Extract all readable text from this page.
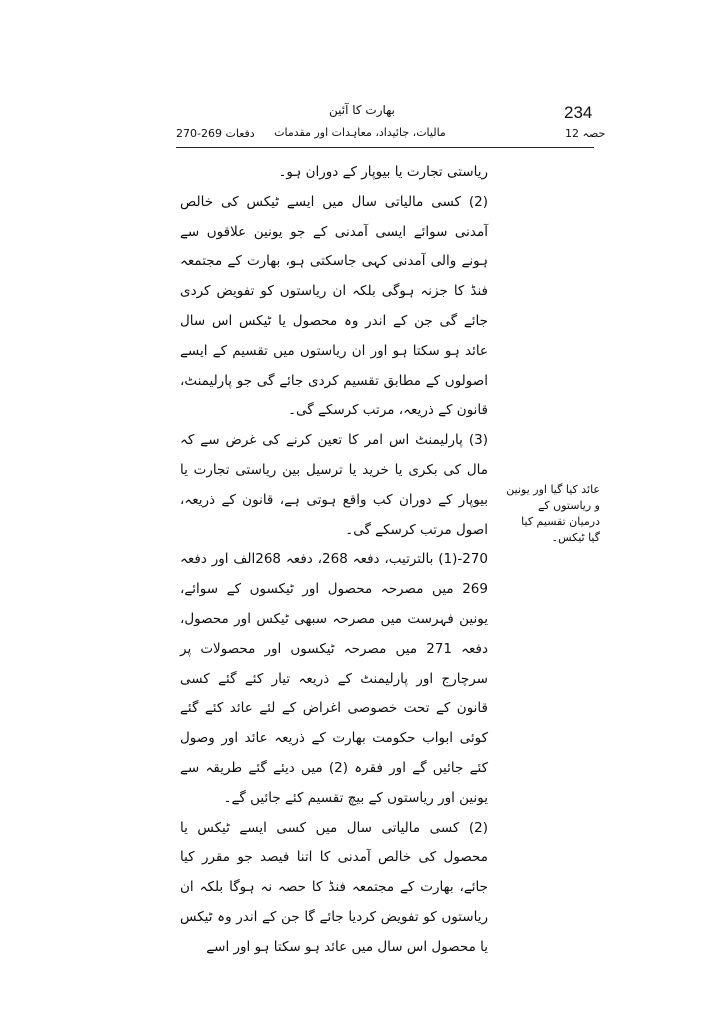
234
حصہ 12
بھارت کا آئین
مالیات، جائیداد، معاہدات اور مقدمات
دفعات 269-270

ریاستی تجارت یا بیوپار کے دوران ہو۔

(2) کسی مالیاتی سال میں ایسے ٹیکس کی خالص آمدنی سوائے ایسی آمدنی کے جو یونین علاقوں سے ہونے والی آمدنی کہی جاسکتی ہو، بھارت کے مجتمعہ فنڈ کا جزنہ ہوگی بلکہ ان ریاستوں کو تفویض کردی جائے گی جن کے اندر وہ محصول یا ٹیکس اس سال عائد ہو سکتا ہو اور ان ریاستوں میں تقسیم کے ایسے اصولوں کے مطابق تقسیم کردی جائے گی جو پارلیمنٹ، قانون کے ذریعہ، مرتب کرسکے گی۔

(3) پارلیمنٹ اس امر کا تعین کرنے کی غرض سے کہ مال کی بکری یا خرید یا ترسیل بین ریاستی تجارت یا بیوپار کے دوران کب واقع ہوتی ہے، قانون کے ذریعہ، اصول مرتب کرسکے گی۔

270-(1) بالترتیب، دفعہ 268، دفعہ 268الف اور دفعہ 269 میں مصرحہ محصول اور ٹیکسوں کے سوائے، یونین فہرست میں مصرحہ سبھی ٹیکس اور محصول، دفعہ 271 میں مصرحہ ٹیکسوں اور محصولات پر سرچارج اور پارلیمنٹ کے ذریعہ تیار کئے گئے کسی قانون کے تحت خصوصی اغراض کے لئے عائد کئے گئے کوئی ابواب حکومت بھارت کے ذریعہ عائد اور وصول کئے جائیں گے اور فقرہ (2) میں دیئے گئے طریقہ سے یونین اور ریاستوں کے بیچ تقسیم کئے جائیں گے۔

(2) کسی مالیاتی سال میں کسی ایسے ٹیکس یا محصول کی خالص آمدنی کا اتنا فیصد جو مقرر کیا جائے، بھارت کے مجتمعہ فنڈ کا حصہ نہ ہوگا بلکہ ان ریاستوں کو تفویض کردیا جائے گا جن کے اندر وہ ٹیکس یا محصول اس سال میں عائد ہو سکتا ہو اور اسے

عائد کیا گیا اور یونین و ریاستوں کے درمیان تقسیم کیا گیا ٹیکس۔
